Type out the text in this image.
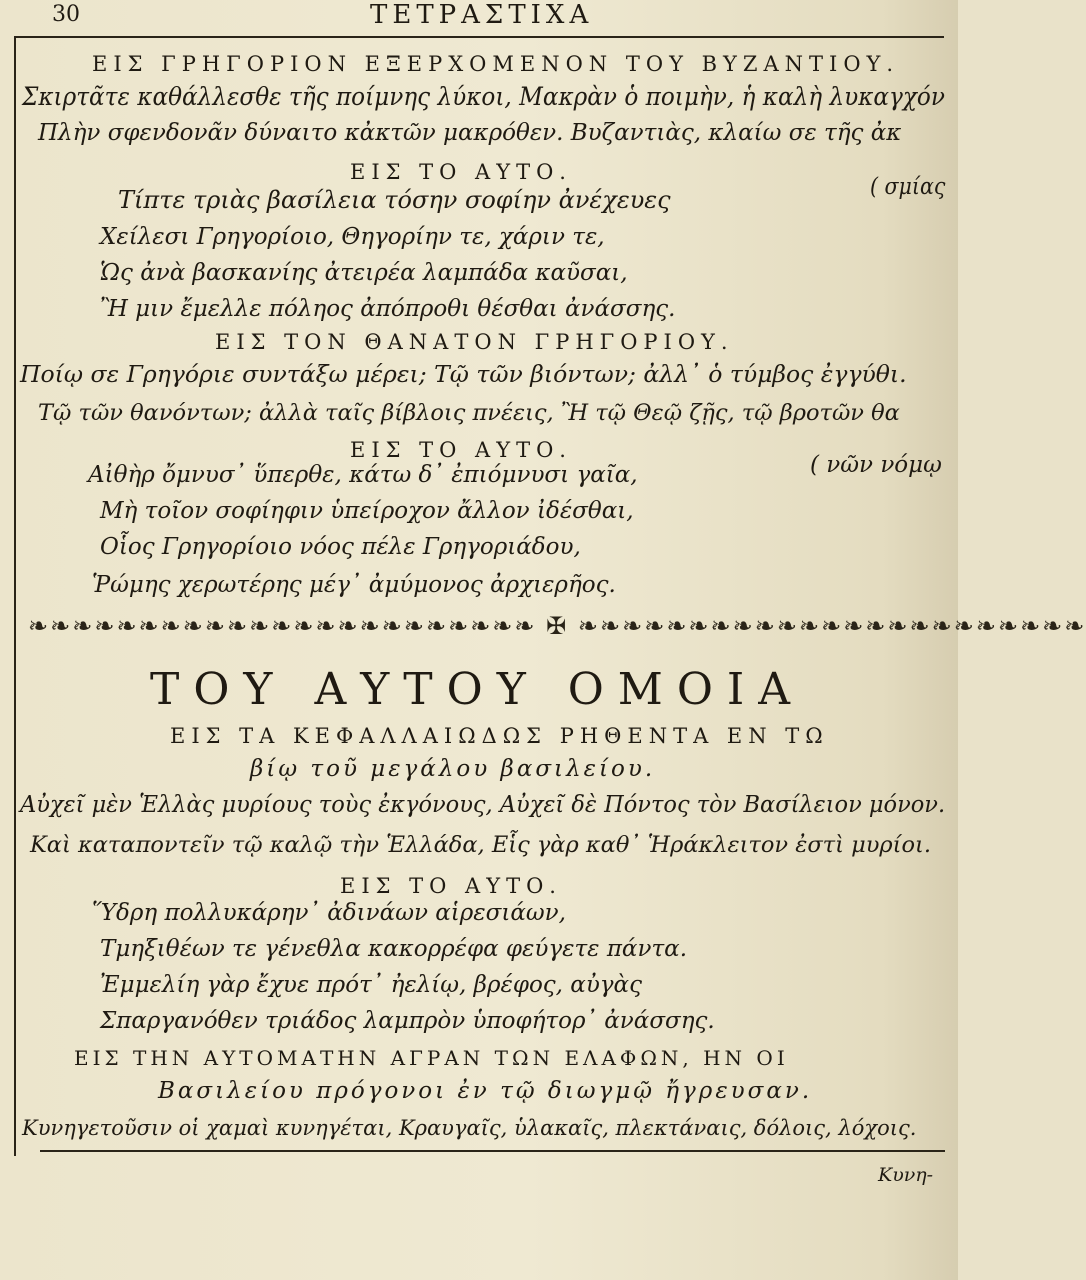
30	ΤΕΤΡΑΣΤΙΧΑ
ΕΙΣ ΓΡΗΓΟΡΙΟΝ ΕΞΕΡΧΟΜΕΝΟΝ ΤΟΥ ΒΥΖΑΝΤΙΟΥ.
Σκιρτᾶτε καθάλλεσθε τῆς ποίμνης λύκοι, Μακρὰν ὁ ποιμὴν, ἡ καλὴ λυκαγχόν
Πλὴν σφενδονᾶν δύναιτο κἀκτῶν μακρόθεν. Βυζαντιὰς, κλαίω σε τῆς ἀκ
ΕΙΣ ΤΟ ΑΥΤΟ.
( σμίας
Τίπτε τριὰς βασίλεια τόσην σοφίην ἀνέχευες
Χείλεσι Γρηγορίοιο, Θηγορίην τε, χάριν τε,
Ὡς ἀνὰ βασκανίης ἀτειρέα λαμπάδα καῦσαι,
Ἢ μιν ἔμελλε πόληος ἀπόπροθι θέσθαι ἀνάσσης.
ΕΙΣ ΤΟΝ ΘΑΝΑΤΟΝ ΓΡΗΓΟΡΙΟΥ.
Ποίῳ σε Γρηγόριε συντάξω μέρει; Τῷ τῶν βιόντων; ἀλλ᾽ ὁ τύμβος ἐγγύθι.
Τῷ τῶν θανόντων; ἀλλὰ ταῖς βίβλοις πνέεις, Ἢ τῷ Θεῷ ζῇς, τῷ βροτῶν θα
ΕΙΣ ΤΟ ΑΥΤΟ.
( νῶν νόμῳ
Αἰθὴρ ὄμνυσ᾽ ὕπερθε, κάτω δ᾽ ἐπιόμνυσι γαῖα,
Μὴ τοῖον σοφίηφιν ὑπείροχον ἄλλον ἰδέσθαι,
Οἷος Γρηγορίοιο νόος πέλε Γρηγοριάδου,
Ῥώμης χερωτέρης μέγ᾽ ἀμύμονος ἀρχιερῆος.
❧❧❧❧❧❧❧❧❧❧❧❧❧❧❧❧❧❧❧❧❧❧❧ ✠ ❧❧❧❧❧❧❧❧❧❧❧❧❧❧❧❧❧❧❧❧❧❧❧
ΤΟΥ ΑΥΤΟΥ ΟΜΟΙΑ
ΕΙΣ ΤΑ ΚΕΦΑΛΛΑΙΩΔΩΣ ΡΗΘΕΝΤΑ ΕΝ ΤΩ
βίῳ τοῦ μεγάλου βασιλείου.
Αὐχεῖ μὲν Ἑλλὰς μυρίους τοὺς ἐκγόνους, Αὐχεῖ δὲ Πόντος τὸν Βασίλειον μόνον.
Καὶ καταποντεῖν τῷ καλῷ τὴν Ἑλλάδα, Εἷς γὰρ καθ᾽ Ἡράκλειτον ἐστὶ μυρίοι.
ΕΙΣ ΤΟ ΑΥΤΟ.
Ὕδρη πολλυκάρην᾽ ἀδινάων αἱρεσιάων,
Τμηξιθέων τε γένεθλα κακορρέφα φεύγετε πάντα.
Ἐμμελίη γὰρ ἔχυε πρότ᾽ ἠελίῳ, βρέφος, αὐγὰς
Σπαργανόθεν τριάδος λαμπρὸν ὑποφήτορ᾽ ἀνάσσης.
ΕΙΣ ΤΗΝ ΑΥΤΟΜΑΤΗΝ ΑΓΡΑΝ ΤΩΝ ΕΛΑΦΩΝ, ΗΝ ΟΙ
Βασιλείου πρόγονοι ἐν τῷ διωγμῷ ἤγρευσαν.
Κυνηγετοῦσιν οἱ χαμαὶ κυνηγέται, Κραυγαῖς, ὑλακαῖς, πλεκτάναις, δόλοις, λόχοις.
Κυνη-
